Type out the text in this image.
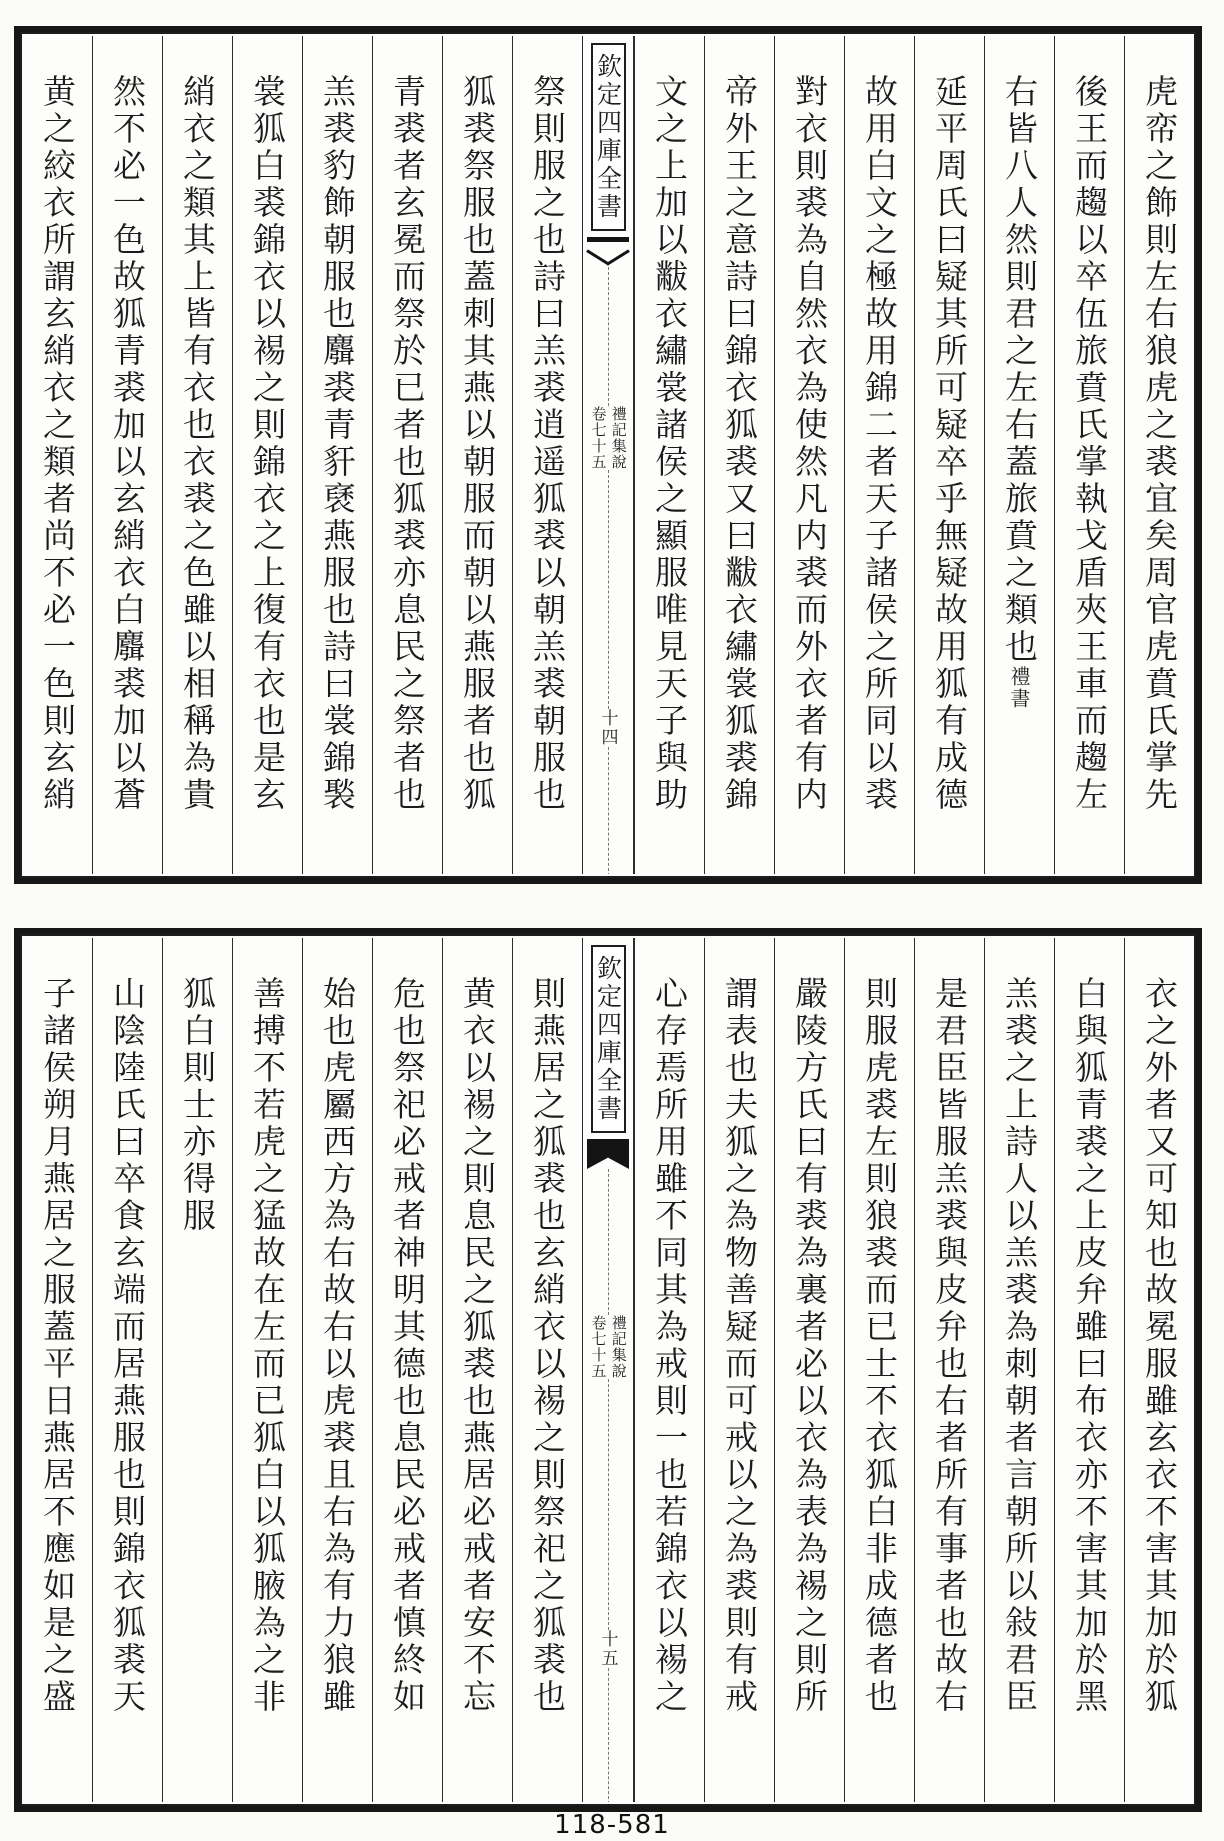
虎帟之飾則左右狼虎之裘宜矣周官虎賁氏掌先
後王而趨以卒伍旅賁氏掌執戈盾夾王車而趨左
右皆八人然則君之左右蓋旅賁之類也禮書
延平周氏曰疑其所可疑卒乎無疑故用狐有成德
故用白文之極故用錦二者天子諸侯之所同以裘
對衣則裘為自然衣為使然凡内裘而外衣者有内
帝外王之意詩曰錦衣狐裘又曰黻衣繡裳狐裘錦
文之上加以黻衣繡裳諸侯之顯服唯見天子與助
欽定四庫全書
禮記集說
卷七十五
十四
祭則服之也詩曰羔裘逍遥狐裘以朝羔裘朝服也
狐裘祭服也蓋刺其燕以朝服而朝以燕服者也狐
青裘者玄冕而祭於已者也狐裘亦息民之祭者也
羔裘豹飾朝服也麛裘青豻褎燕服也詩曰裳錦褧
裳狐白裘錦衣以裼之則錦衣之上復有衣也是玄
綃衣之類其上皆有衣也衣裘之色雖以相稱為貴
然不必一色故狐青裘加以玄綃衣白麛裘加以蒼
黄之絞衣所謂玄綃衣之類者尚不必一色則玄綃
衣之外者又可知也故冕服雖玄衣不害其加於狐
白與狐青裘之上皮弁雖曰布衣亦不害其加於黑
羔裘之上詩人以羔裘為刺朝者言朝所以敍君臣
是君臣皆服羔裘與皮弁也右者所有事者也故右
則服虎裘左則狼裘而已士不衣狐白非成德者也
嚴陵方氏曰有裘為裏者必以衣為表為裼之則所
謂表也夫狐之為物善疑而可戒以之為裘則有戒
心存焉所用雖不同其為戒則一也若錦衣以裼之
欽定四庫全書
禮記集說
卷七十五
十五
則燕居之狐裘也玄綃衣以裼之則祭祀之狐裘也
黄衣以裼之則息民之狐裘也燕居必戒者安不忘
危也祭祀必戒者神明其德也息民必戒者慎終如
始也虎屬西方為右故右以虎裘且右為有力狼雖
善搏不若虎之猛故在左而已狐白以狐腋為之非
狐白則士亦得服
山陰陸氏曰卒食玄端而居燕服也則錦衣狐裘天
子諸侯朔月燕居之服蓋平日燕居不應如是之盛
118-581
